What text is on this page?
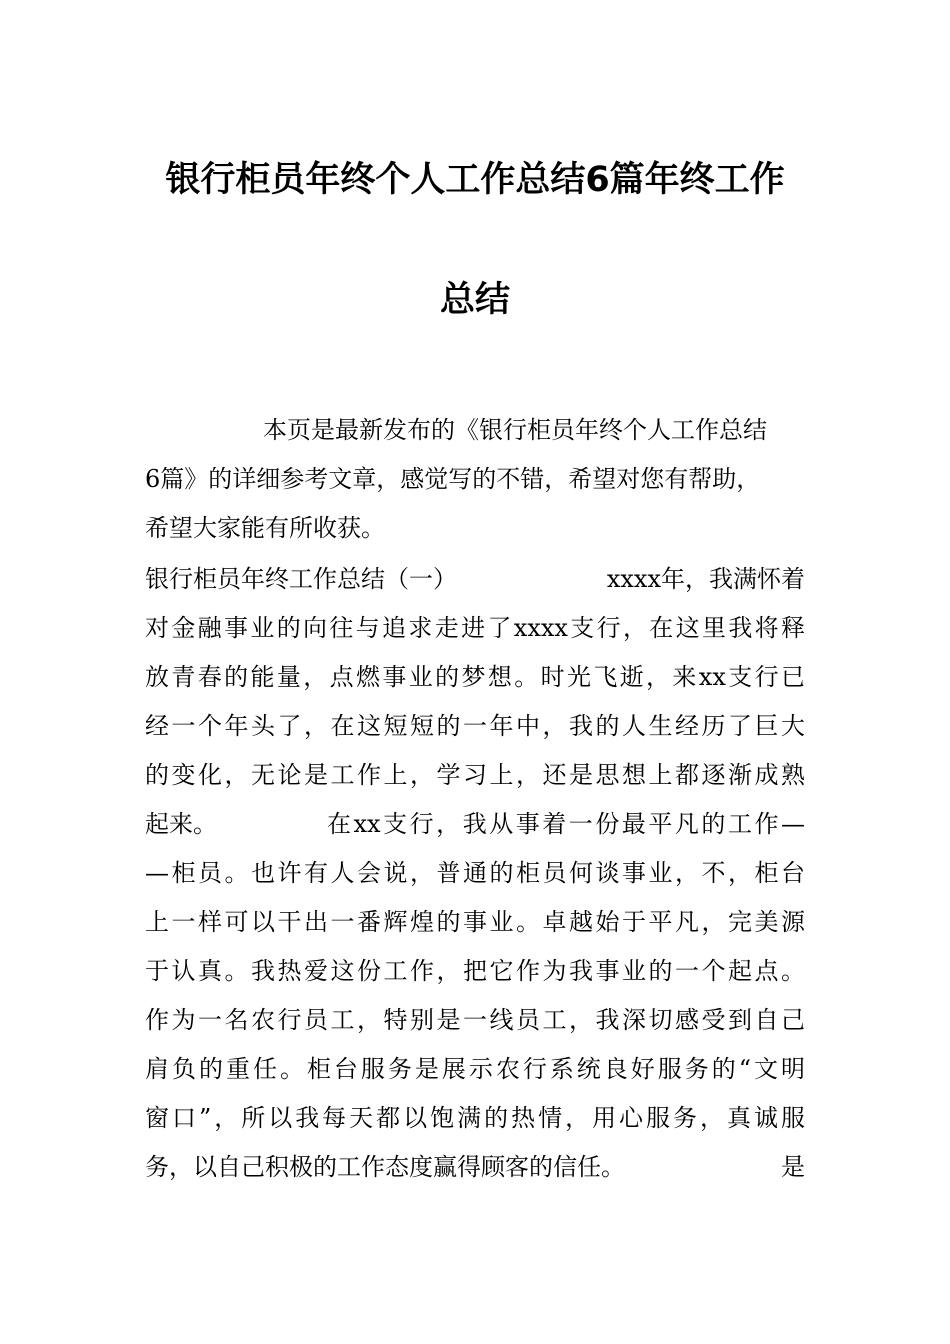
银行柜员年终个人工作总结6篇年终工作
总结
本页是最新发布的《银行柜员年终个人工作总结
6篇》的详细参考文章，感觉写的不错，希望对您有帮助，
希望大家能有所收获。
银行柜员年终工作总结（一）	xxxx年，我满怀着
对金融事业的向往与追求走进了xxxx支行，在这里我将释
放青春的能量，点燃事业的梦想。时光飞逝，来xx支行已
经一个年头了，在这短短的一年中，我的人生经历了巨大
的变化，无论是工作上，学习上，还是思想上都逐渐成熟
起来。	在xx支行，我从事着一份最平凡的工作—
—柜员。也许有人会说，普通的柜员何谈事业，不，柜台
上一样可以干出一番辉煌的事业。卓越始于平凡，完美源
于认真。我热爱这份工作，把它作为我事业的一个起点。
作为一名农行员工，特别是一线员工，我深切感受到自己
肩负的重任。柜台服务是展示农行系统良好服务的“文明
窗口”，所以我每天都以饱满的热情，用心服务，真诚服
务，以自己积极的工作态度赢得顾客的信任。	是
